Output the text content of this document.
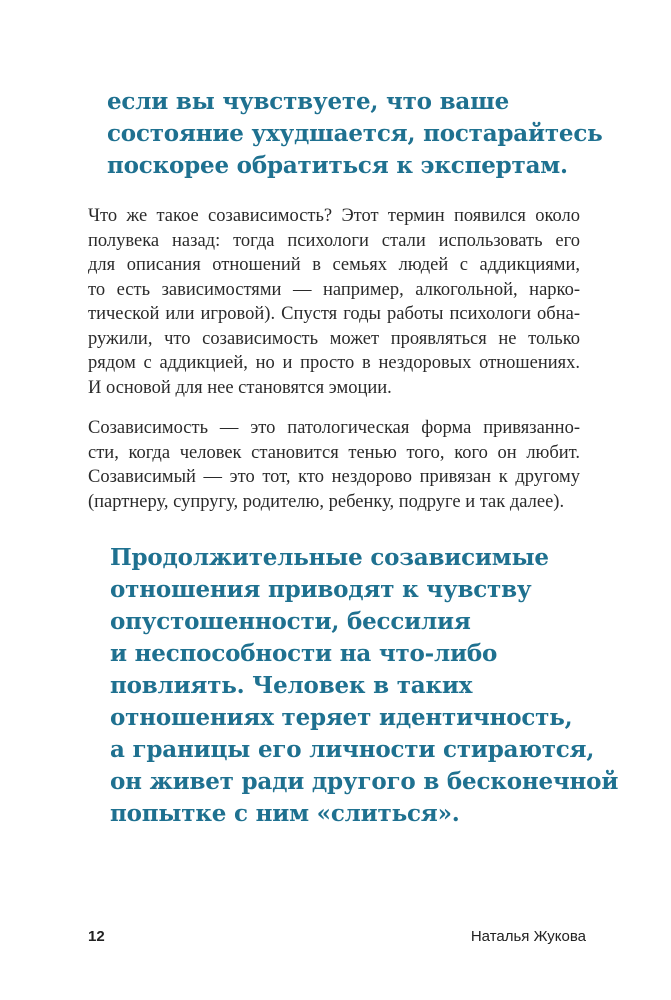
если вы чувствуете, что ваше
состояние ухудшается, постарайтесь
поскорее обратиться к экспертам.
Что же такое созависимость? Этот термин появился около
полувека назад: тогда психологи стали использовать его
для описания отношений в семьях людей с аддикциями,
то есть зависимостями — например, алкогольной, нарко-
тической или игровой). Спустя годы работы психологи обна-
ружили, что созависимость может проявляться не только
рядом с аддикцией, но и просто в нездоровых отношениях.
И основой для нее становятся эмоции.
Созависимость — это патологическая форма привязанно-
сти, когда человек становится тенью того, кого он любит.
Созависимый — это тот, кто нездорово привязан к другому
(партнеру, супругу, родителю, ребенку, подруге и так далее).
Продолжительные созависимые
отношения приводят к чувству
опустошенности, бессилия
и неспособности на что-либо
повлиять. Человек в таких
отношениях теряет идентичность,
а границы его личности стираются,
он живет ради другого в бесконечной
попытке с ним «слиться».
12	Наталья Жукова
